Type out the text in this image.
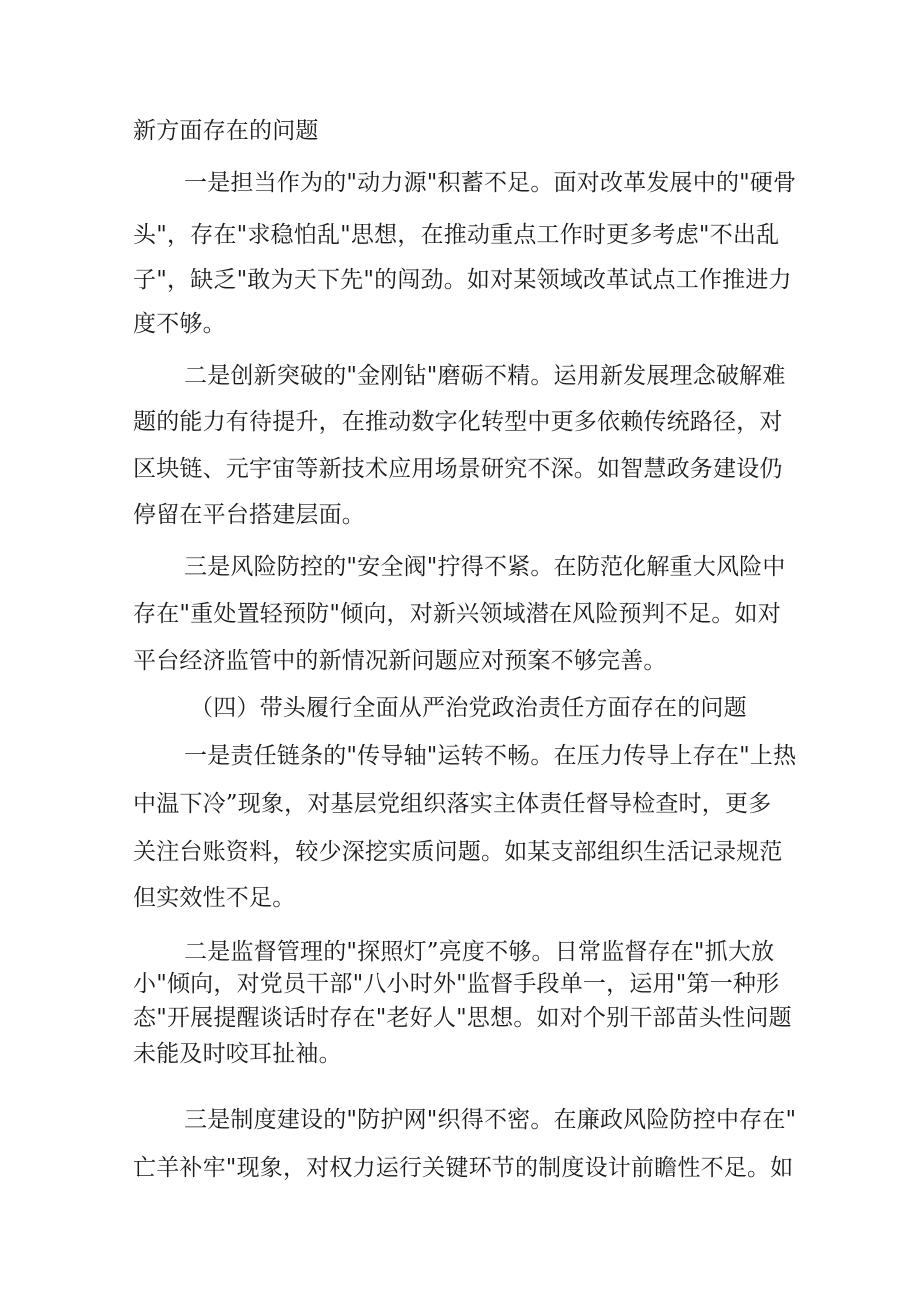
新方面存在的问题
一是担当作为的"动力源"积蓄不足。面对改革发展中的"硬骨
头"，存在"求稳怕乱"思想，在推动重点工作时更多考虑"不出乱
子"，缺乏"敢为天下先"的闯劲。如对某领域改革试点工作推进力
度不够。
二是创新突破的"金刚钻"磨砺不精。运用新发展理念破解难
题的能力有待提升，在推动数字化转型中更多依赖传统路径，对
区块链、元宇宙等新技术应用场景研究不深。如智慧政务建设仍
停留在平台搭建层面。
三是风险防控的"安全阀"拧得不紧。在防范化解重大风险中
存在"重处置轻预防"倾向，对新兴领域潜在风险预判不足。如对
平台经济监管中的新情况新问题应对预案不够完善。
（四）带头履行全面从严治党政治责任方面存在的问题
一是责任链条的"传导轴"运转不畅。在压力传导上存在"上热
中温下冷”现象，对基层党组织落实主体责任督导检查时，更多
关注台账资料，较少深挖实质问题。如某支部组织生活记录规范
但实效性不足。
二是监督管理的"探照灯”亮度不够。日常监督存在"抓大放
小"倾向，对党员干部"八小时外"监督手段单一，运用"第一种形
态"开展提醒谈话时存在"老好人"思想。如对个别干部苗头性问题
未能及时咬耳扯袖。
三是制度建设的"防护网"织得不密。在廉政风险防控中存在"
亡羊补牢"现象，对权力运行关键环节的制度设计前瞻性不足。如
